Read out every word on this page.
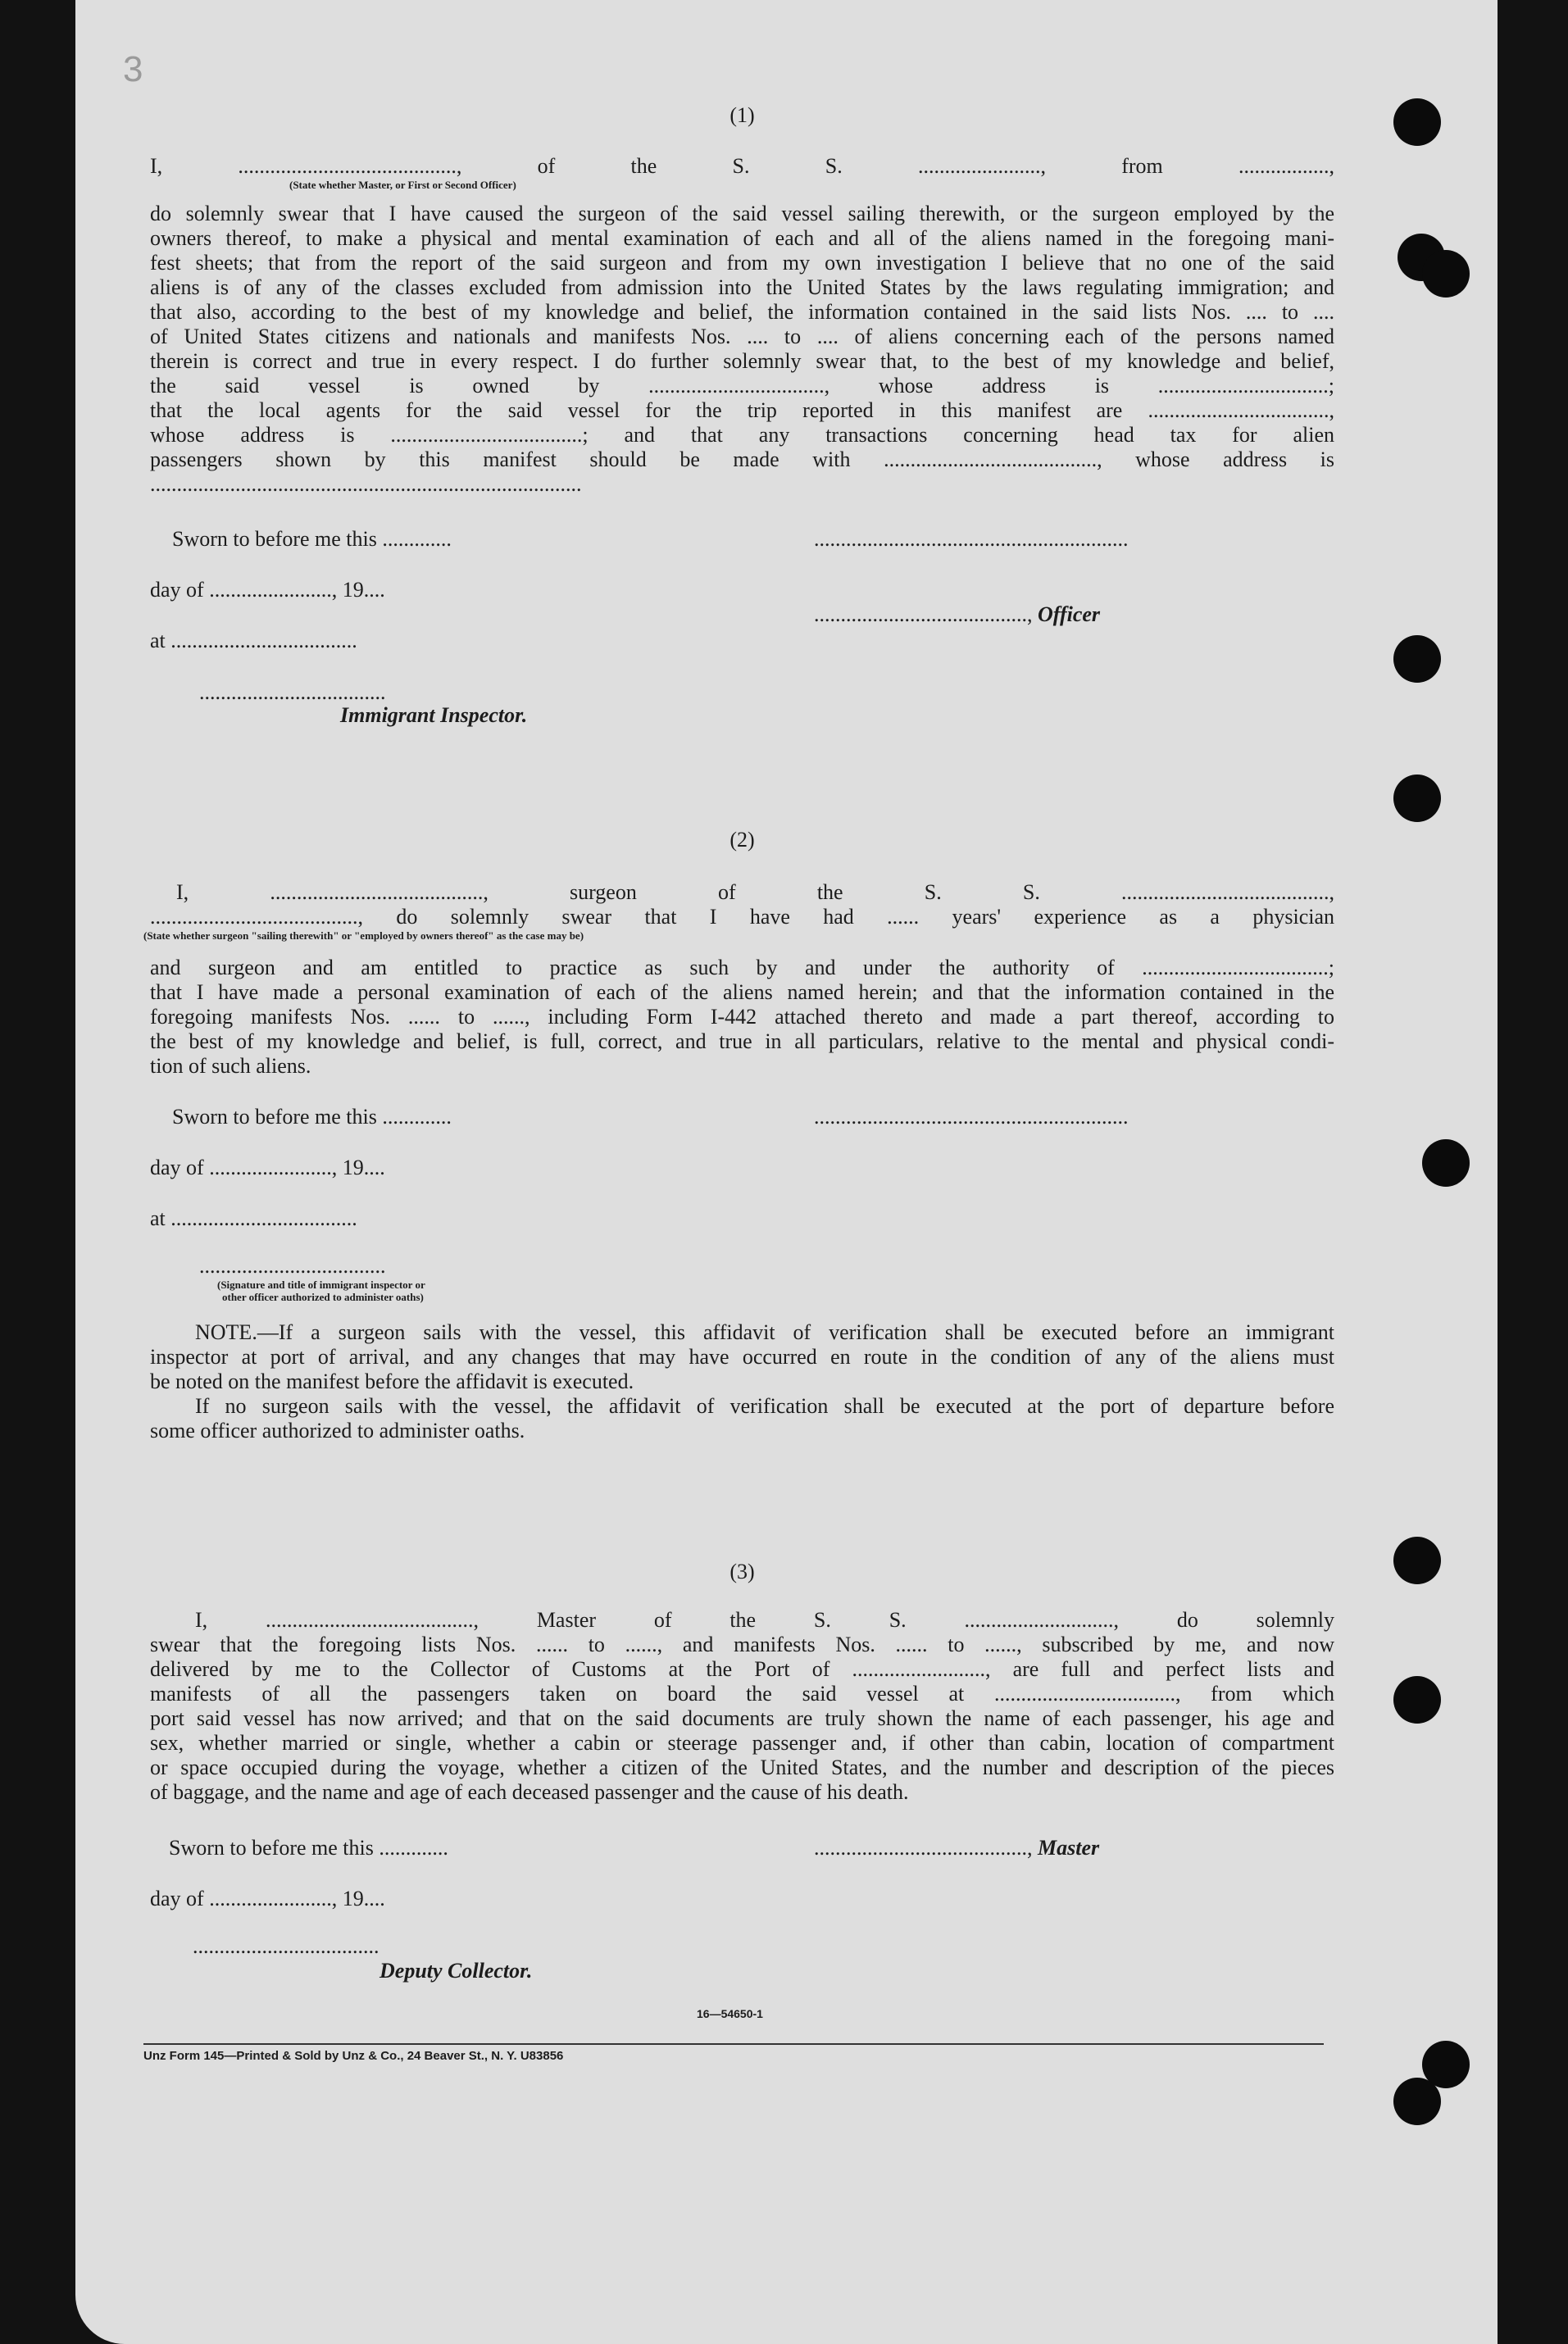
3
(1)
I, ........................................., of the S. S. ......................., from .................,
(State whether Master, or First or Second Officer)
do solemnly swear that I have caused the surgeon of the said vessel sailing therewith, or the surgeon employed by the
owners thereof, to make a physical and mental examination of each and all of the aliens named in the foregoing mani-
fest sheets; that from the report of the said surgeon and from my own investigation I believe that no one of the said
aliens is of any of the classes excluded from admission into the United States by the laws regulating immigration; and
that also, according to the best of my knowledge and belief, the information contained in the said lists Nos. .... to ....
of United States citizens and nationals and manifests Nos. .... to .... of aliens concerning each of the persons named
therein is correct and true in every respect. I do further solemnly swear that, to the best of my knowledge and belief,
the said vessel is owned by ................................., whose address is ................................;
that the local agents for the said vessel for the trip reported in this manifest are ..................................,
whose address is ....................................; and that any transactions concerning head tax for alien
passengers shown by this manifest should be made with ........................................, whose address is
.................................................................................
Sworn to before me this .............	...........................................................
day of ......................., 19....
........................................, Officer
at ...................................
...................................
Immigrant Inspector.
(2)
I, ........................................, surgeon of the S. S. .......................................,
......................................., do solemnly swear that I have had ...... years' experience as a physician
(State whether surgeon "sailing therewith" or "employed by owners thereof" as the case may be)
and surgeon and am entitled to practice as such by and under the authority of ...................................;
that I have made a personal examination of each of the aliens named herein; and that the information contained in the
foregoing manifests Nos. ...... to ......, including Form I-442 attached thereto and made a part thereof, according to
the best of my knowledge and belief, is full, correct, and true in all particulars, relative to the mental and physical condi-
tion of such aliens.
Sworn to before me this .............	...........................................................
day of ......................., 19....
at ...................................
...................................
(Signature and title of immigrant inspector or
other officer authorized to administer oaths)
NOTE.—If a surgeon sails with the vessel, this affidavit of verification shall be executed before an immigrant
inspector at port of arrival, and any changes that may have occurred en route in the condition of any of the aliens must
be noted on the manifest before the affidavit is executed.
If no surgeon sails with the vessel, the affidavit of verification shall be executed at the port of departure before
some officer authorized to administer oaths.
(3)
I, ......................................., Master of the S. S. ............................, do solemnly
swear that the foregoing lists Nos. ...... to ......, and manifests Nos. ...... to ......, subscribed by me, and now
delivered by me to the Collector of Customs at the Port of ........................., are full and perfect lists and
manifests of all the passengers taken on board the said vessel at .................................., from which
port said vessel has now arrived; and that on the said documents are truly shown the name of each passenger, his age and
sex, whether married or single, whether a cabin or steerage passenger and, if other than cabin, location of compartment
or space occupied during the voyage, whether a citizen of the United States, and the number and description of the pieces
of baggage, and the name and age of each deceased passenger and the cause of his death.
Sworn to before me this .............	........................................, Master
day of ......................., 19....
...................................
Deputy Collector.
16—54650-1
Unz Form 145—Printed & Sold by Unz & Co., 24 Beaver St., N. Y. U83856
